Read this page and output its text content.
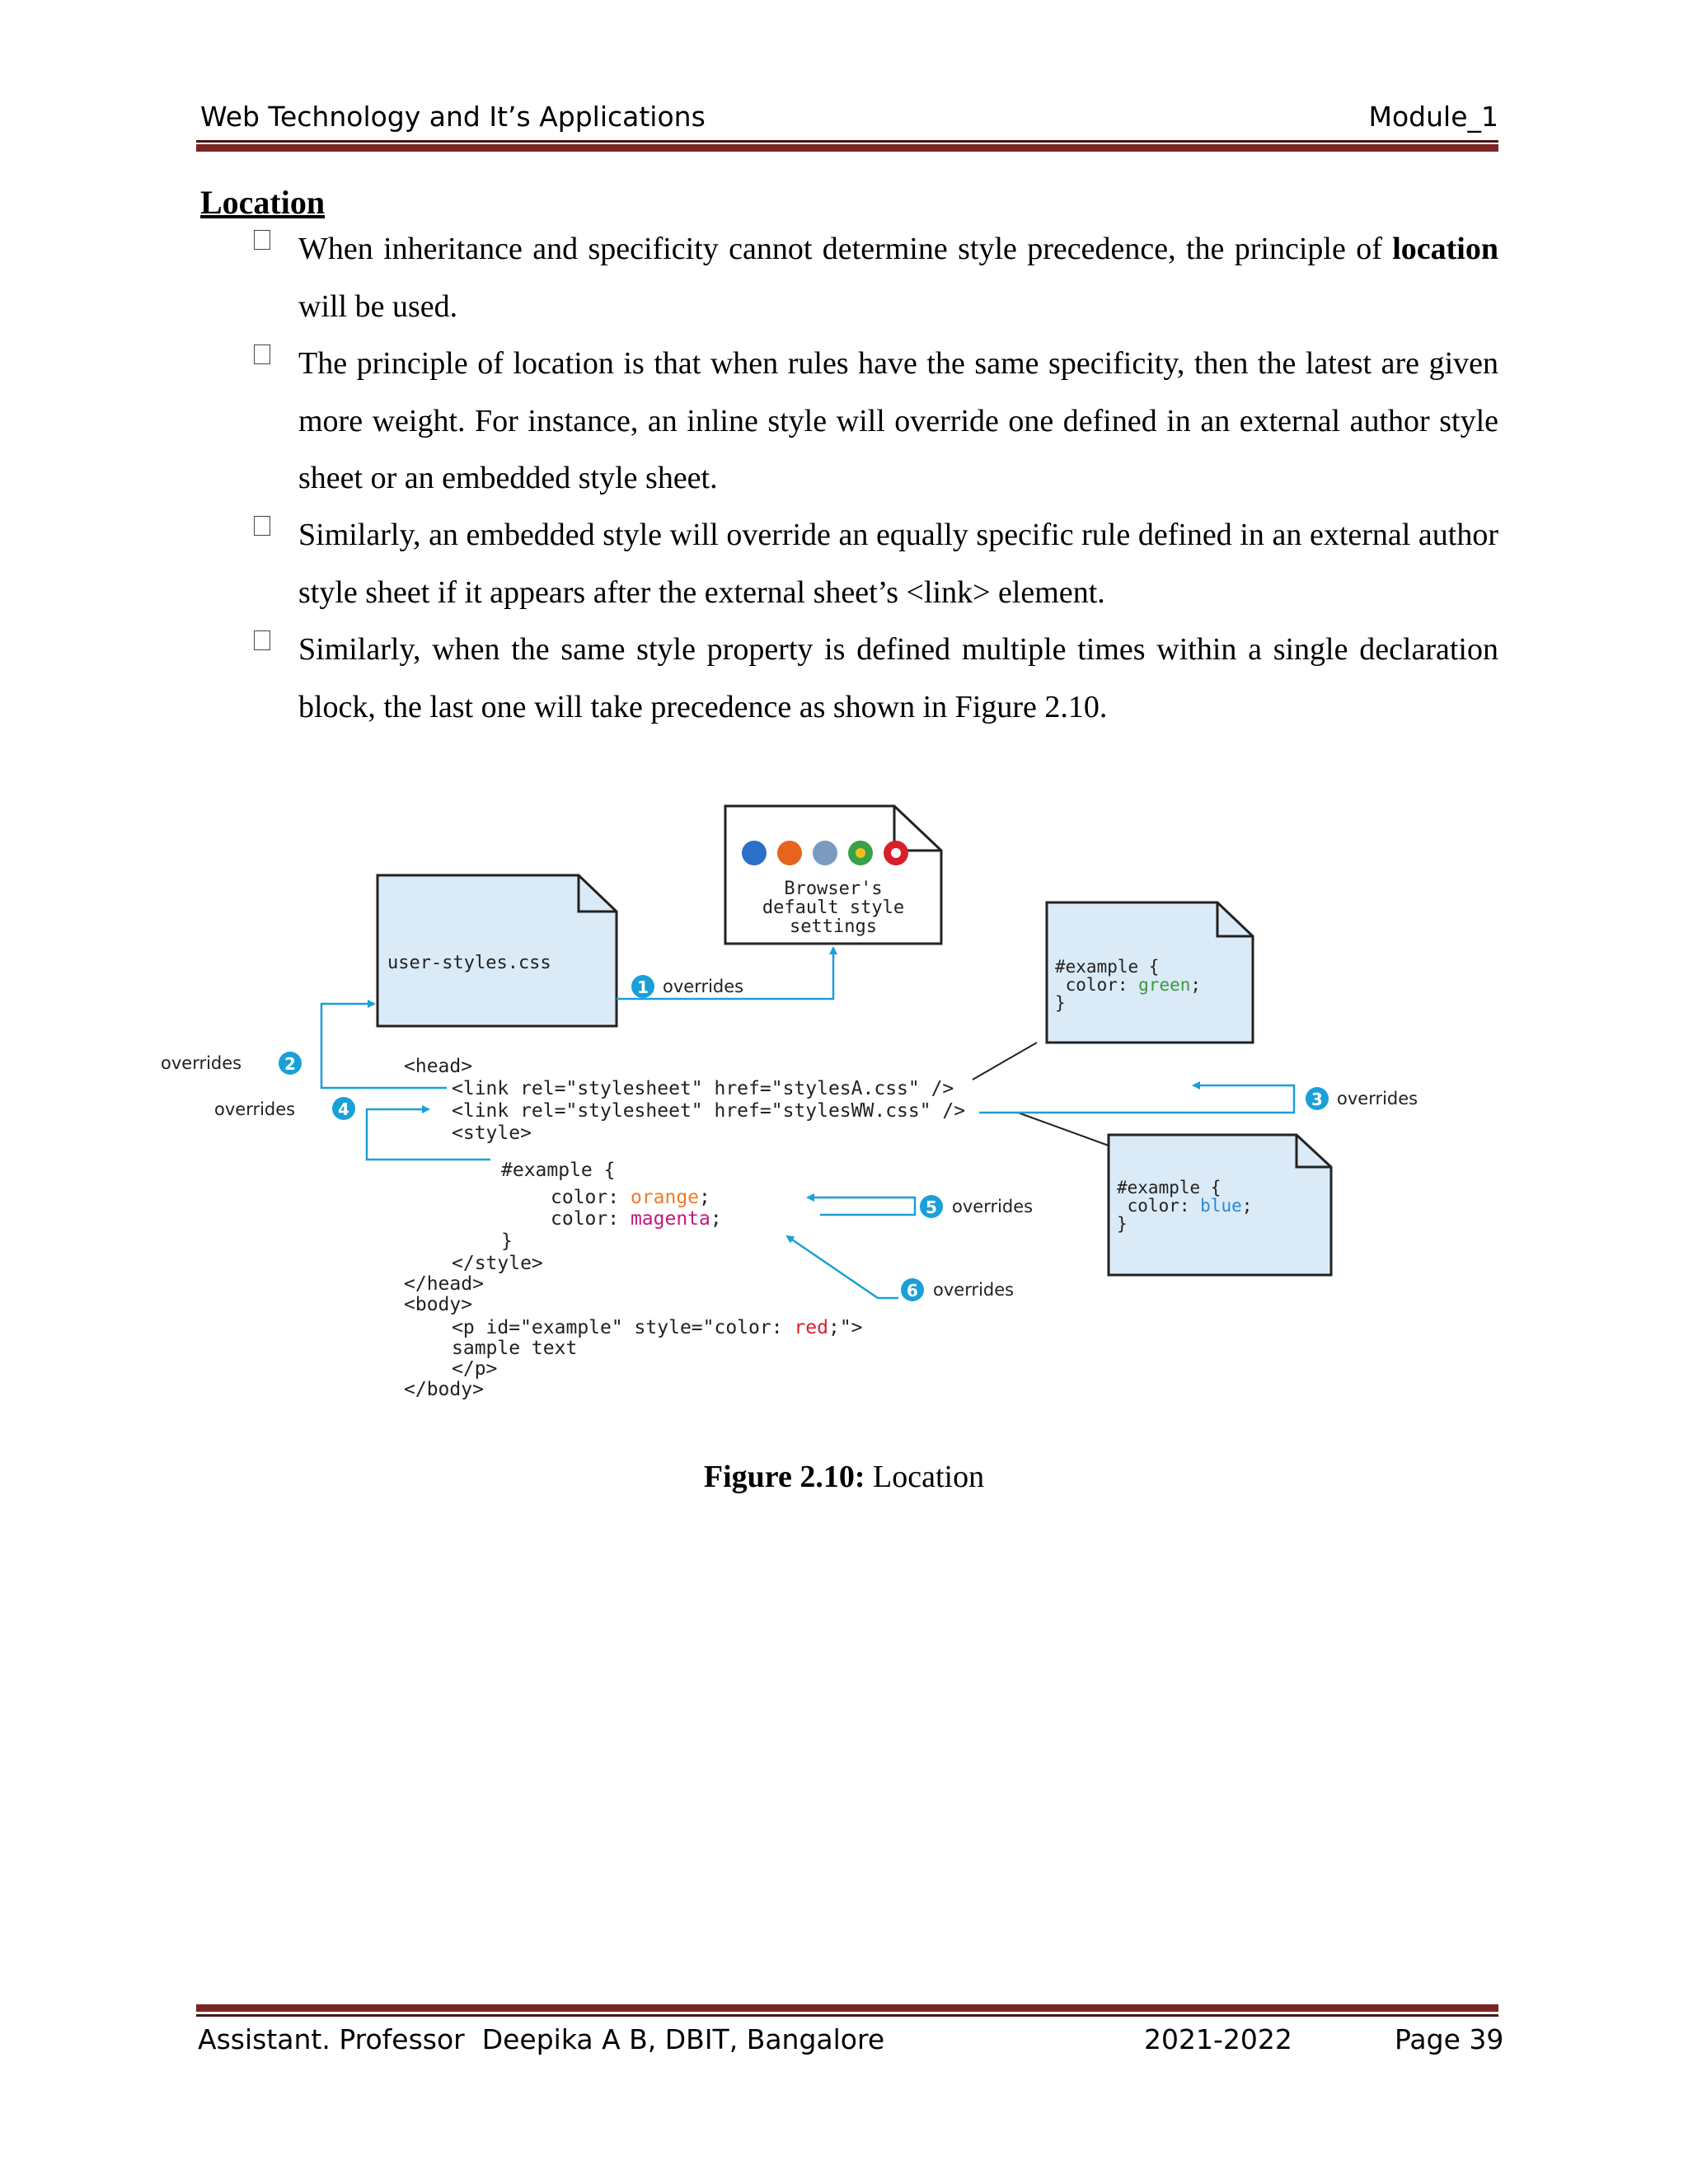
Web Technology and It’s Applications	Module_1
Location
When inheritance and specificity cannot determine style precedence, the principle of location will be used.
The principle of location is that when rules have the same specificity, then the latest are given more weight. For instance, an inline style will override one defined in an external author style sheet or an embedded style sheet.
Similarly, an embedded style will override an equally specific rule defined in an external author style sheet if it appears after the external sheet’s <link> element.
Similarly, when the same style property is defined multiple times within a single declaration block, the last one will take precedence as shown in Figure 2.10.
Browser's
default style
settings
user-styles.css	#example {
color: green;
}
#example {
color: blue;
}
<head>
<link rel="stylesheet" href="stylesA.css" />
<link rel="stylesheet" href="stylesWW.css" />
<style>
#example {
color: orange;
color: magenta;
}
</style>
</head>
<body>
<p id="example" style="color: red;">
sample text
</p>
</body>
1 overrides
overrides	2
3 overrides
overrides	4
5 overrides
6 overrides
Figure 2.10: Location
Assistant. Professor  Deepika A B, DBIT, Bangalore	2021-2022	Page 39
